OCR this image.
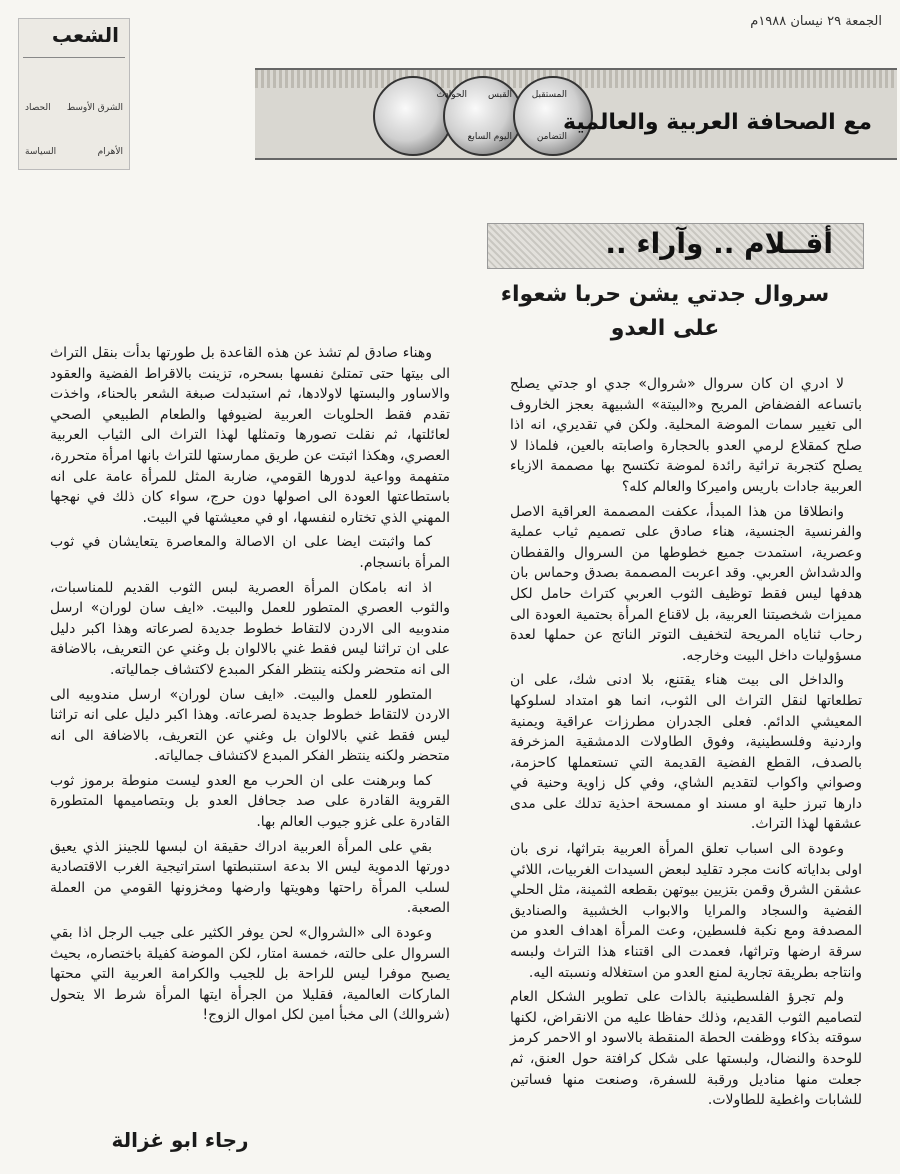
الجمعة ٢٩ نيسان ١٩٨٨م
الشعب
الحصاد الشرق الأوسط
السياسة	الأهرام
المستقبل
القبس
الحوادث
التضامن
اليوم السابع
مع الصحافة العربية والعالمية
أقــلام .. وآراء ..
سروال جدتي يشن حربا شعواء على العدو

لا ادري ان كان سروال «شروال» جدي او جدتي يصلح باتساعه الفضفاض المريح و«البيتة» الشبيهة بعجز الخاروف الى تغيير سمات الموضة المحلية. ولكن في تقديري، انه اذا صلح كمقلاع لرمي العدو بالحجارة واصابته بالعين، فلماذا لا يصلح كتجربة تراثية رائدة لموضة تكتسح بها مصممة الازياء العربية جادات باريس واميركا والعالم كله؟

وانطلاقا من هذا المبدأ، عكفت المصممة العراقية الاصل والفرنسية الجنسية، هناء صادق على تصميم ثياب عملية وعصرية، استمدت جميع خطوطها من السروال والقفطان والدشداش العربي. وقد اعربت المصممة بصدق وحماس بان هدفها ليس فقط توظيف الثوب العربي كتراث حامل لكل مميزات شخصيتنا العربية، بل لاقناع المرأة بحتمية العودة الى رحاب ثناياه المريحة لتخفيف التوتر الناتج عن حملها لعدة مسؤوليات داخل البيت وخارجه.

والداخل الى بيت هناء يقتنع، بلا ادنى شك، على ان تطلعاتها لنقل التراث الى الثوب، انما هو امتداد لسلوكها المعيشي الدائم. فعلى الجدران مطرزات عراقية ويمنية واردنية وفلسطينية، وفوق الطاولات الدمشقية المزخرفة بالصدف، القطع الفضية القديمة التي تستعملها كاحزمة، وصواني واكواب لتقديم الشاي، وفي كل زاوية وحنية في دارها تبرز حلية او مسند او ممسحة احذية تدلك على مدى عشقها لهذا التراث.

وعودة الى اسباب تعلق المرأة العربية بتراثها، نرى بان اولى بداياته كانت مجرد تقليد لبعض السيدات الغربيات، اللائي عشقن الشرق وقمن بتزيين بيوتهن بقطعه الثمينة، مثل الحلي الفضية والسجاد والمرايا والابواب الخشبية والصناديق المصدفة ومع نكبة فلسطين، وعت المرأة اهداف العدو من سرقة ارضها وتراثها، فعمدت الى اقتناء هذا التراث ولبسه وانتاجه بطريقة تجارية لمنع العدو من استغلاله ونسبته اليه.

ولم تجرؤ الفلسطينية بالذات على تطوير الشكل العام لتصاميم الثوب القديم، وذلك حفاظا عليه من الانقراض، لكنها سوقته بذكاء ووظفت الحطة المنقطة بالاسود او الاحمر كرمز للوحدة والنضال، ولبستها على شكل كرافتة حول العنق، ثم جعلت منها مناديل ورقبة للسفرة، وصنعت منها فساتين للشابات واغطية للطاولات.

وهناء صادق لم تشذ عن هذه القاعدة بل طورتها بدأت بنقل التراث الى بيتها حتى تمتلئ نفسها بسحره، تزينت بالاقراط الفضية والعقود والاساور والبستها لاولادها، ثم استبدلت صبغة الشعر بالحناء، واخذت تقدم فقط الحلويات العربية لضيوفها والطعام الطبيعي الصحي لعائلتها، ثم نقلت تصورها وتمثلها لهذا التراث الى الثياب العربية العصري، وهكذا اثبتت عن طريق ممارستها للتراث بانها امرأة متحررة، متفهمة وواعية لدورها القومي، ضاربة المثل للمرأة عامة على انه باستطاعتها العودة الى اصولها دون حرج، سواء كان ذلك في نهجها المهني الذي تختاره لنفسها، او في معيشتها في البيت.

كما واثبتت ايضا على ان الاصالة والمعاصرة يتعايشان في ثوب المرأة بانسجام.

اذ انه بامكان المرأة العصرية لبس الثوب القديم للمناسبات، والثوب العصري المتطور للعمل والبيت. «ايف سان لوران» ارسل مندوبيه الى الاردن لالتقاط خطوط جديدة لصرعاته وهذا اكبر دليل على ان تراثنا ليس فقط غني بالالوان بل وغني عن التعريف، بالاضافة الى انه متحضر ولكنه ينتظر الفكر المبدع لاكتشاف جمالياته.

المتطور للعمل والبيت. «ايف سان لوران» ارسل مندوبيه الى الاردن لالتقاط خطوط جديدة لصرعاته. وهذا اكبر دليل على انه تراثنا ليس فقط غني بالالوان بل وغني عن التعريف، بالاضافة الى انه متحضر ولكنه ينتظر الفكر المبدع لاكتشاف جمالياته.

كما وبرهنت على ان الحرب مع العدو ليست منوطة برموز ثوب القروية القادرة على صد جحافل العدو بل وبتصاميمها المتطورة القادرة على غزو جيوب العالم بها.

بقي على المرأة العربية ادراك حقيقة ان لبسها للجينز الذي يعيق دورتها الدموية ليس الا بدعة استنبطتها استراتيجية الغرب الاقتصادية لسلب المرأة راحتها وهويتها وارضها ومخزونها القومي من العملة الصعبة.

وعودة الى «الشروال» لحن يوفر الكثير على جيب الرجل اذا بقي السروال على حالته، خمسة امتار، لكن الموضة كفيلة باختصاره، بحيث يصبح موفرا ليس للراحة بل للجيب والكرامة العربية التي محتها الماركات العالمية، فقليلا من الجرأة ايتها المرأة شرط الا يتحول (شروالك) الى مخبأ امين لكل اموال الزوج!

رجاء ابو غزالة
